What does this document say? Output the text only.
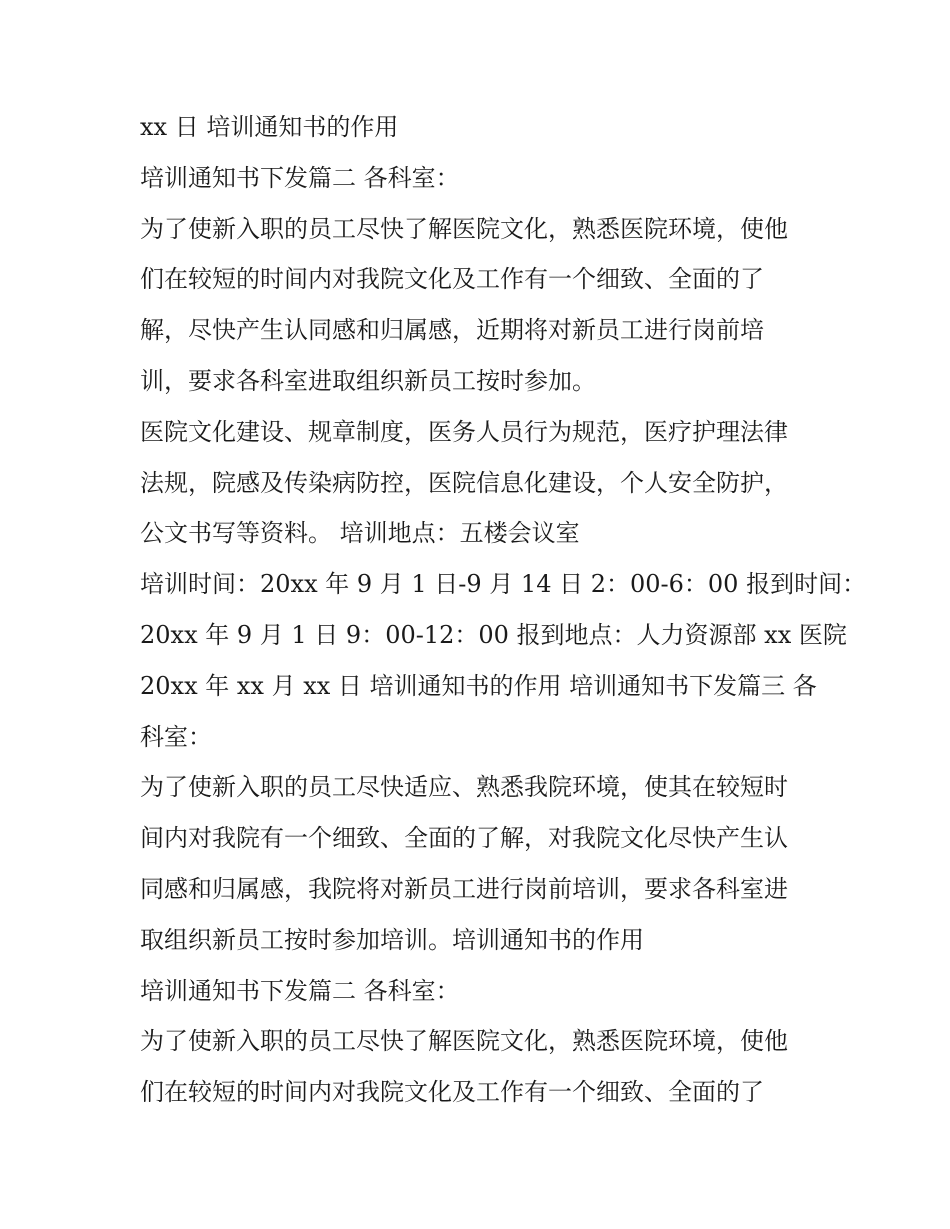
xx 日 培训通知书的作用
培训通知书下发篇二 各科室：
为了使新入职的员工尽快了解医院文化，熟悉医院环境，使他
们在较短的时间内对我院文化及工作有一个细致、全面的了
解，尽快产生认同感和归属感，近期将对新员工进行岗前培
训，要求各科室进取组织新员工按时参加。
医院文化建设、规章制度，医务人员行为规范，医疗护理法律
法规，院感及传染病防控，医院信息化建设，个人安全防护，
公文书写等资料。 培训地点：五楼会议室
培训时间：20xx 年 9 月 1 日-9 月 14 日 2：00-6：00 报到时间：
20xx 年 9 月 1 日 9：00-12：00 报到地点：人力资源部 xx 医院
20xx 年 xx 月 xx 日 培训通知书的作用 培训通知书下发篇三 各
科室：
为了使新入职的员工尽快适应、熟悉我院环境，使其在较短时
间内对我院有一个细致、全面的了解，对我院文化尽快产生认
同感和归属感，我院将对新员工进行岗前培训，要求各科室进
取组织新员工按时参加培训。培训通知书的作用
培训通知书下发篇二 各科室：
为了使新入职的员工尽快了解医院文化，熟悉医院环境，使他
们在较短的时间内对我院文化及工作有一个细致、全面的了
